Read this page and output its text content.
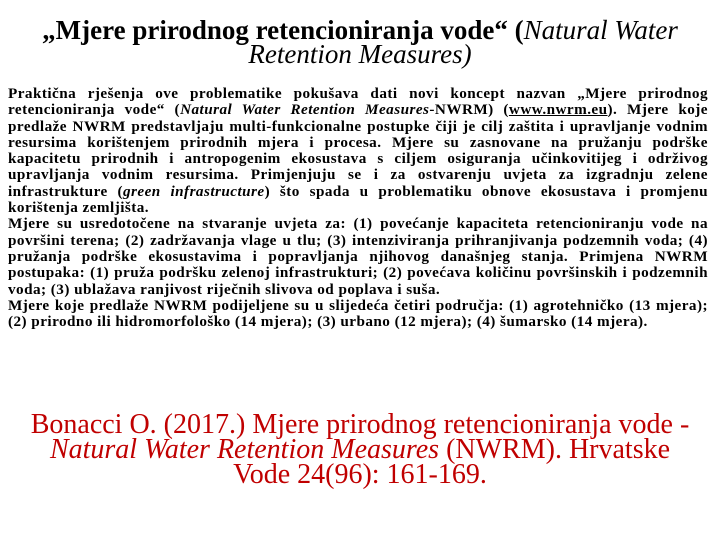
„Mjere prirodnog retencioniranja vode“ (Natural Water
Retention Measures)

Praktična rješenja ove problematike pokušava dati novi koncept nazvan „Mjere prirodnog retencioniranja vode“ (Natural Water Retention Measures-NWRM) (www.nwrm.eu). Mjere koje predlaže NWRM predstavljaju multi-funkcionalne postupke čiji je cilj zaštita i upravljanje vodnim resursima korištenjem prirodnih mjera i procesa. Mjere su zasnovane na pružanju podrške kapacitetu prirodnih i antropogenim ekosustava s ciljem osiguranja učinkovitijeg i održivog upravljanja vodnim resursima. Primjenjuju se i za ostvarenju uvjeta za izgradnju zelene infrastrukture (green infrastructure) što spada u problematiku obnove ekosustava i promjenu korištenja zemljišta.

Mjere su usredotočene na stvaranje uvjeta za: (1) povećanje kapaciteta retencioniranju vode na površini terena; (2) zadržavanja vlage u tlu; (3) intenziviranja prihranjivanja podzemnih voda; (4) pružanja podrške ekosustavima i popravljanja njihovog današnjeg stanja. Primjena NWRM postupaka: (1) pruža podršku zelenoj infrastrukturi; (2) povećava količinu površinskih i podzemnih voda; (3) ublažava ranjivost riječnih slivova od poplava i suša.

Mjere koje predlaže NWRM podijeljene su u slijedeća četiri područja: (1) agrotehničko (13 mjera); (2) prirodno ili hidromorfološko (14 mjera); (3) urbano (12 mjera); (4) šumarsko (14 mjera).

Bonacci O. (2017.) Mjere prirodnog retencioniranja vode -
Natural Water Retention Measures (NWRM). Hrvatske
Vode 24(96): 161-169.
